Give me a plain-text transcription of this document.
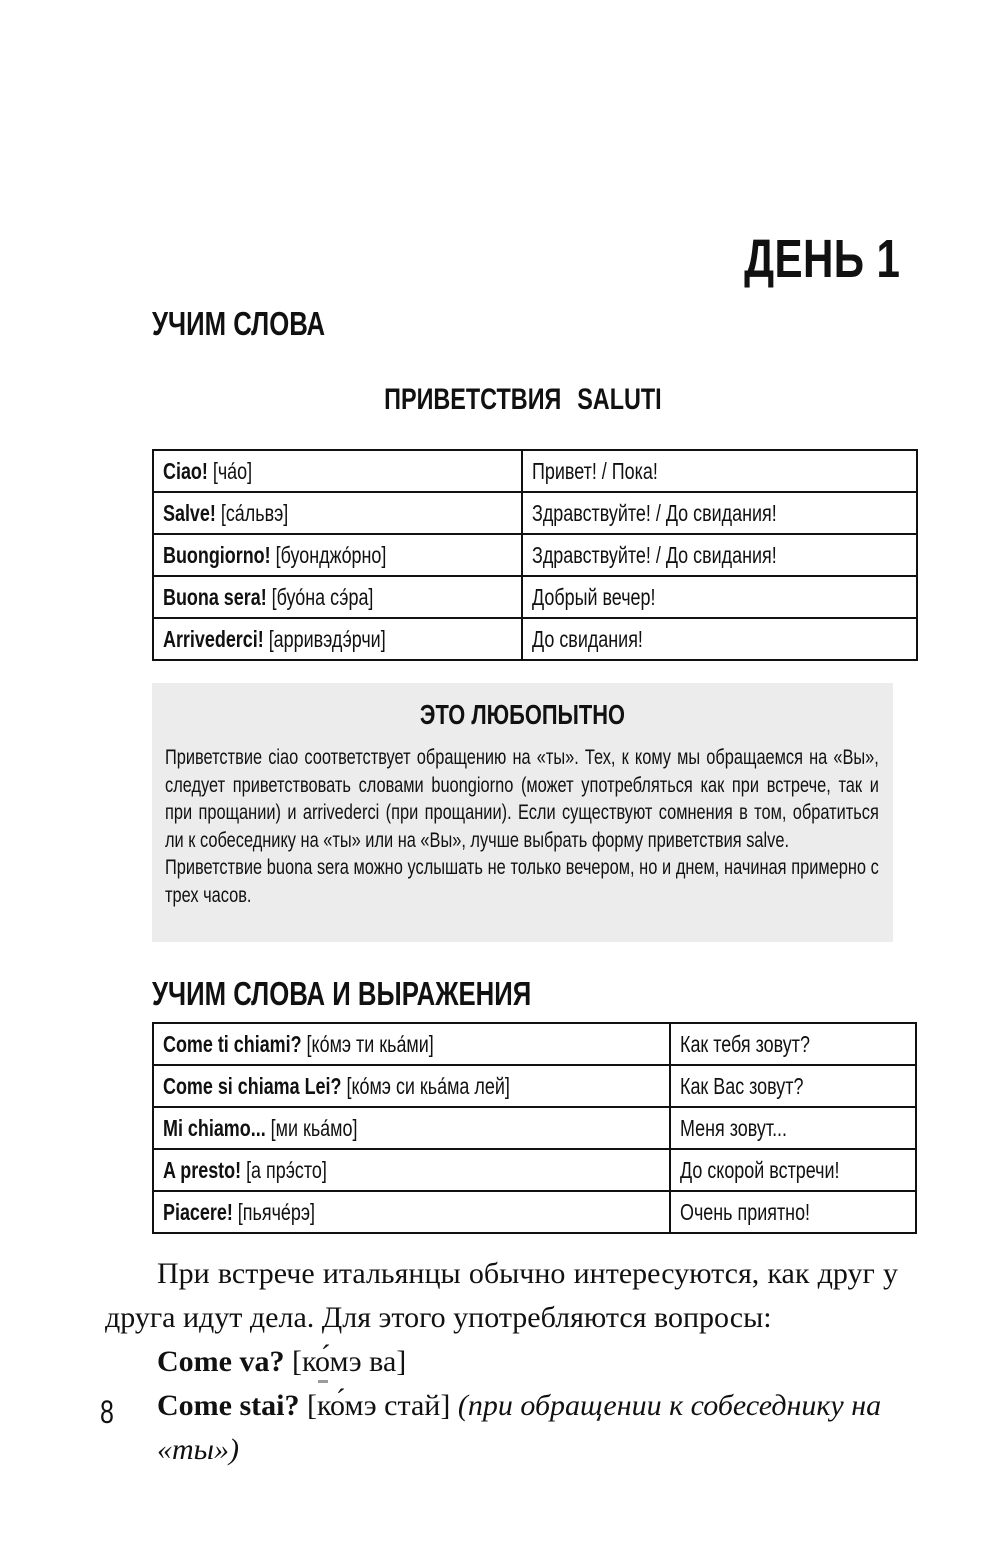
ДЕНЬ 1
УЧИМ СЛОВА
ПРИВЕТСТВИЯ SALUTI
Ciao! [ча́о]	Привет! / Пока!
Salve! [са́львэ]	Здравствуйте! / До свидания!
Buongiorno! [буонджо́рно]	Здравствуйте! / До свидания!
Buona sera! [буо́на сэ́ра]	Добрый вечер!
Arrivederci! [арривэдэ́рчи]	До свидания!
ЭТО ЛЮБОПЫТНО

Приветствие ciao соответствует обращению на «ты». Тех, к кому мы обращаемся на «Вы», следует приветствовать словами buongiorno (может употребляться как при встрече, так и при прощании) и arrivederci (при прощании). Если существуют сомнения в том, обратиться ли к собеседнику на «ты» или на «Вы», лучше выбрать форму приветствия salve.

Приветствие buona sera можно услышать не только вечером, но и днем, начиная примерно с трех часов.

УЧИМ СЛОВА И ВЫРАЖЕНИЯ
Come ti chiami? [ко́мэ ти кьа́ми]	Как тебя зовут?
Come si chiama Lei? [ко́мэ си кьа́ма лей]	Как Вас зовут?
Mi chiamo... [ми кьа́мо]	Меня зовут...
A presto! [а прэ́сто]	До скорой встречи!
Piacere! [пьяче́рэ]	Очень приятно!

При встрече итальянцы обычно интересуются, как друг у друга идут дела. Для этого употребляются вопросы:

Come va? [ко́мэ ва]

Come stai? [ко́мэ стай] (при обращении к собеседнику на «ты»)

8
